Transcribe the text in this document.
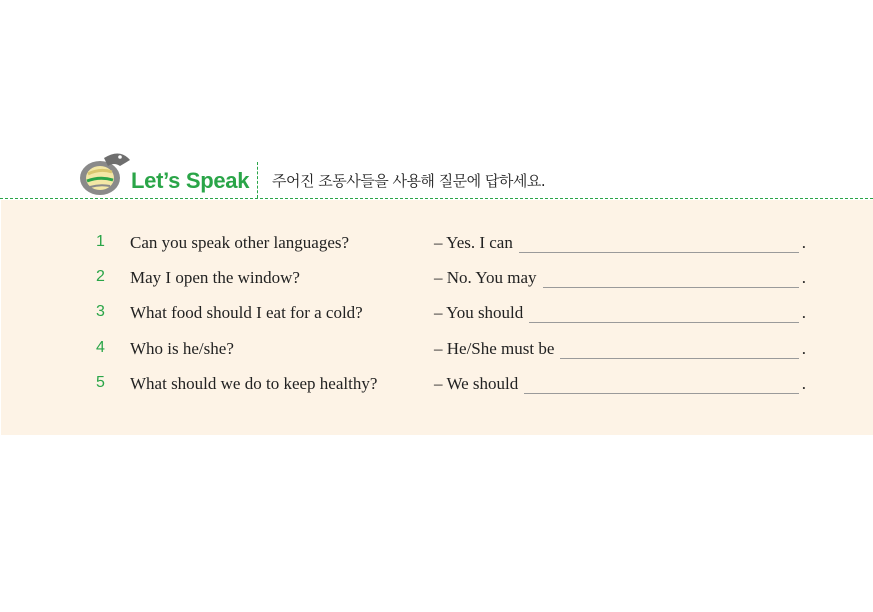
Let’s Speak 주어진 조동사들을 사용해 질문에 답하세요.
1 Can you speak other languages?	– Yes. I can	.
2 May I open the window?	– No. You may	.
3 What food should I eat for a cold?	– You should	.
4 Who is he/she?	– He/She must be	.
5 What should we do to keep healthy?	– We should	.
